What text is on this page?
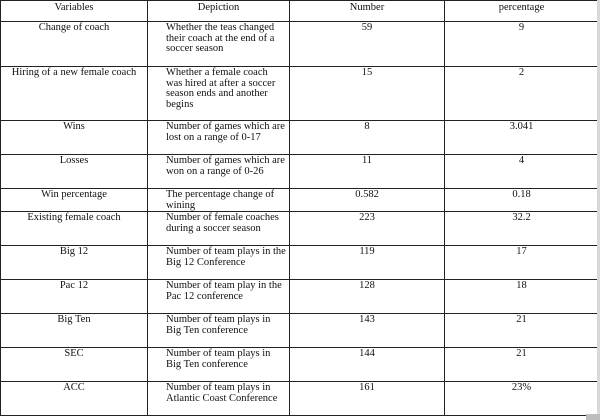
Variables	Depiction	Number	percentage
Change of coach	Whether the teas changed their coach at the end of a soccer season	59	9
Hiring of a new female coach	Whether a female coach was hired at after a soccer season ends and another begins	15	2
Wins	Number of games which are lost on a range of 0-17	8	3.041
Losses	Number of games which are won on a range of 0-26	11	4
Win percentage	The percentage change of wining	0.582	0.18
Existing female coach	Number of female coaches during a soccer season	223	32.2
Big 12	Number of team plays in the Big 12 Conference	119	17
Pac 12	Number of team play in the Pac 12 conference	128	18
Big Ten	Number of team plays in Big Ten conference	143	21
SEC	Number of team plays in Big Ten conference	144	21
ACC	Number of team plays in Atlantic Coast Conference	161	23%
